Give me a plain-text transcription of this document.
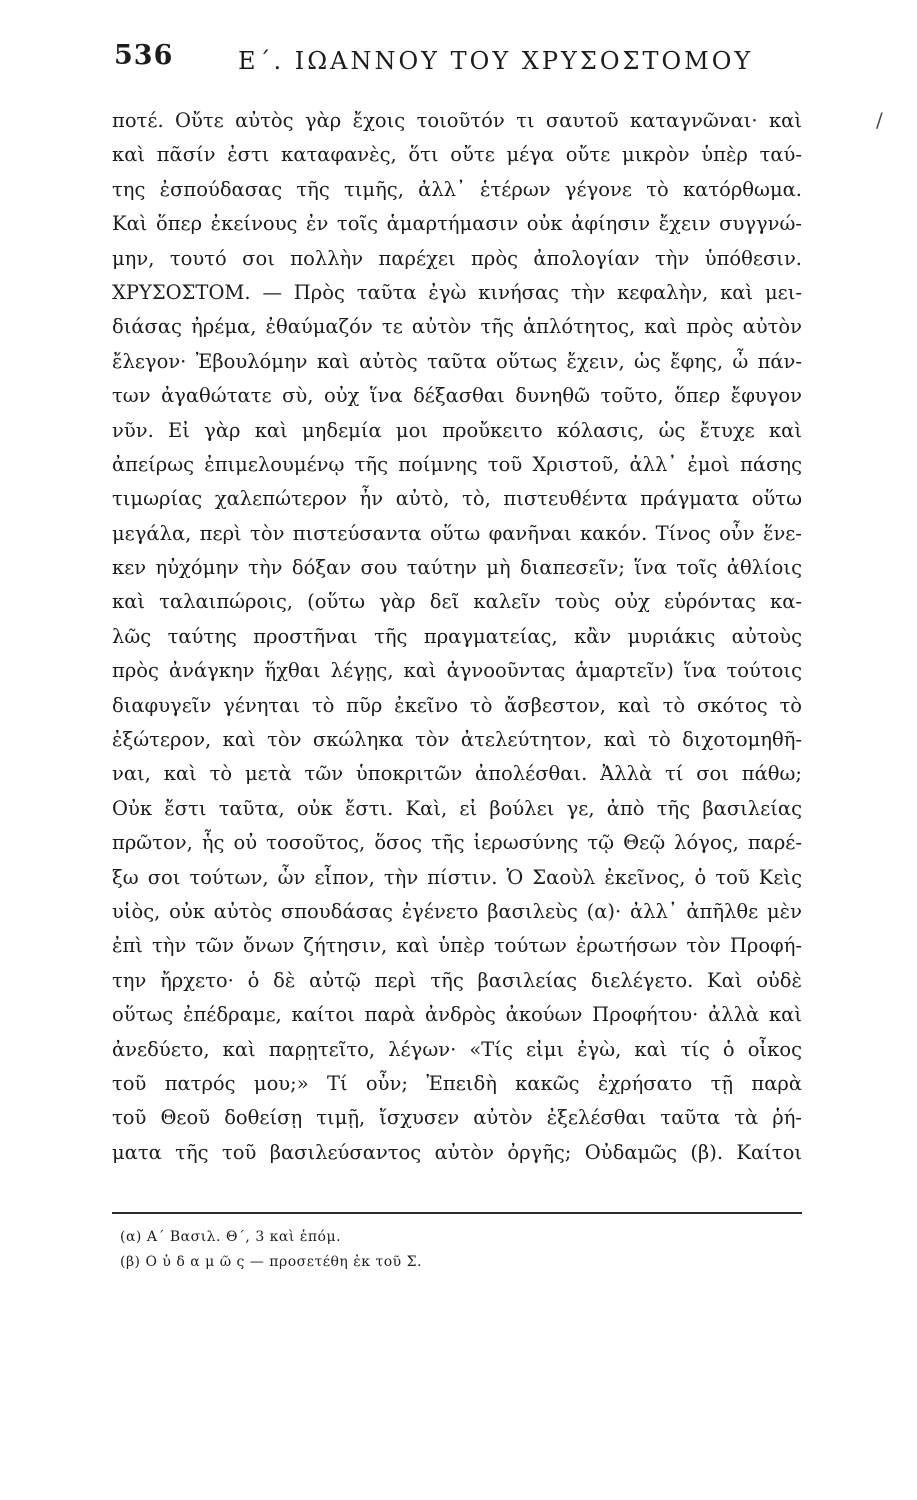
536	Ε΄. ΙΩΑΝΝΟΥ ΤΟΥ ΧΡΥΣΟΣΤΟΜΟΥ
/
ποτέ. Οὔτε αὐτὸς γὰρ ἔχοις τοιοῦτόν τι σαυτοῦ καταγνῶναι· καὶ
καὶ πᾶσίν ἐστι καταφανὲς, ὅτι οὔτε μέγα οὔτε μικρὸν ὑπὲρ ταύ-
της ἐσπούδασας τῆς τιμῆς, ἀλλ᾽ ἑτέρων γέγονε τὸ κατόρθωμα.
Καὶ ὅπερ ἐκείνους ἐν τοῖς ἁμαρτήμασιν οὐκ ἀφίησιν ἔχειν συγγνώ-
μην, τουτό σοι πολλὴν παρέχει πρὸς ἀπολογίαν τὴν ὑπόθεσιν.
ΧΡΥΣΟΣΤΟΜ. — Πρὸς ταῦτα ἐγὼ κινήσας τὴν κεφαλὴν, καὶ μει-
διάσας ἠρέμα, ἐθαύμαζόν τε αὐτὸν τῆς ἁπλότητος, καὶ πρὸς αὐτὸν
ἔλεγον· Ἐβουλόμην καὶ αὐτὸς ταῦτα οὕτως ἔχειν, ὡς ἔφης, ὦ πάν-
των ἀγαθώτατε σὺ, οὐχ ἵνα δέξασθαι δυνηθῶ τοῦτο, ὅπερ ἔφυγον
νῦν. Εἰ γὰρ καὶ μηδεμία μοι προὔκειτο κόλασις, ὡς ἔτυχε καὶ
ἀπείρως ἐπιμελουμένῳ τῆς ποίμνης τοῦ Χριστοῦ, ἀλλ᾽ ἐμοὶ πάσης
τιμωρίας χαλεπώτερον ἦν αὐτὸ, τὸ, πιστευθέντα πράγματα οὕτω
μεγάλα, περὶ τὸν πιστεύσαντα οὕτω φανῆναι κακόν. Τίνος οὖν ἕνε-
κεν ηὐχόμην τὴν δόξαν σου ταύτην μὴ διαπεσεῖν; ἵνα τοῖς ἀθλίοις
καὶ ταλαιπώροις, (οὕτω γὰρ δεῖ καλεῖν τοὺς οὐχ εὑρόντας κα-
λῶς ταύτης προστῆναι τῆς πραγματείας, κἂν μυριάκις αὐτοὺς
πρὸς ἀνάγκην ἥχθαι λέγῃς, καὶ ἀγνοοῦντας ἁμαρτεῖν) ἵνα τούτοις
διαφυγεῖν γένηται τὸ πῦρ ἐκεῖνο τὸ ἄσβεστον, καὶ τὸ σκότος τὸ
ἐξώτερον, καὶ τὸν σκώληκα τὸν ἀτελεύτητον, καὶ τὸ διχοτομηθῆ-
ναι, καὶ τὸ μετὰ τῶν ὑποκριτῶν ἀπολέσθαι. Ἀλλὰ τί σοι πάθω;
Οὐκ ἔστι ταῦτα, οὐκ ἔστι. Καὶ, εἰ βούλει γε, ἀπὸ τῆς βασιλείας
πρῶτον, ἧς οὐ τοσοῦτος, ὅσος τῆς ἱερωσύνης τῷ Θεῷ λόγος, παρέ-
ξω σοι τούτων, ὧν εἶπον, τὴν πίστιν. Ὁ Σαοὺλ ἐκεῖνος, ὁ τοῦ Κεὶς
υἱὸς, οὐκ αὐτὸς σπουδάσας ἐγένετο βασιλεὺς (α)· ἀλλ᾽ ἀπῆλθε μὲν
ἐπὶ τὴν τῶν ὄνων ζήτησιν, καὶ ὑπὲρ τούτων ἐρωτήσων τὸν Προφή-
την ἤρχετο· ὁ δὲ αὐτῷ περὶ τῆς βασιλείας διελέγετο. Καὶ οὐδὲ
οὕτως ἐπέδραμε, καίτοι παρὰ ἀνδρὸς ἀκούων Προφήτου· ἀλλὰ καὶ
ἀνεδύετο, καὶ παρῃτεῖτο, λέγων· «Τίς εἰμι ἐγὼ, καὶ τίς ὁ οἶκος
τοῦ πατρός μου;» Τί οὖν; Ἐπειδὴ κακῶς ἐχρήσατο τῇ παρὰ
τοῦ Θεοῦ δοθείσῃ τιμῇ, ἴσχυσεν αὐτὸν ἐξελέσθαι ταῦτα τὰ ῥή-
ματα τῆς τοῦ βασιλεύσαντος αὐτὸν ὀργῆς; Οὐδαμῶς (β). Καίτοι
(α) Α΄ Βασιλ. Θ΄, 3 καὶ ἑπόμ.
(β) Ο ὐ δ α μ ῶ ς — προσετέθη ἐκ τοῦ Σ.
